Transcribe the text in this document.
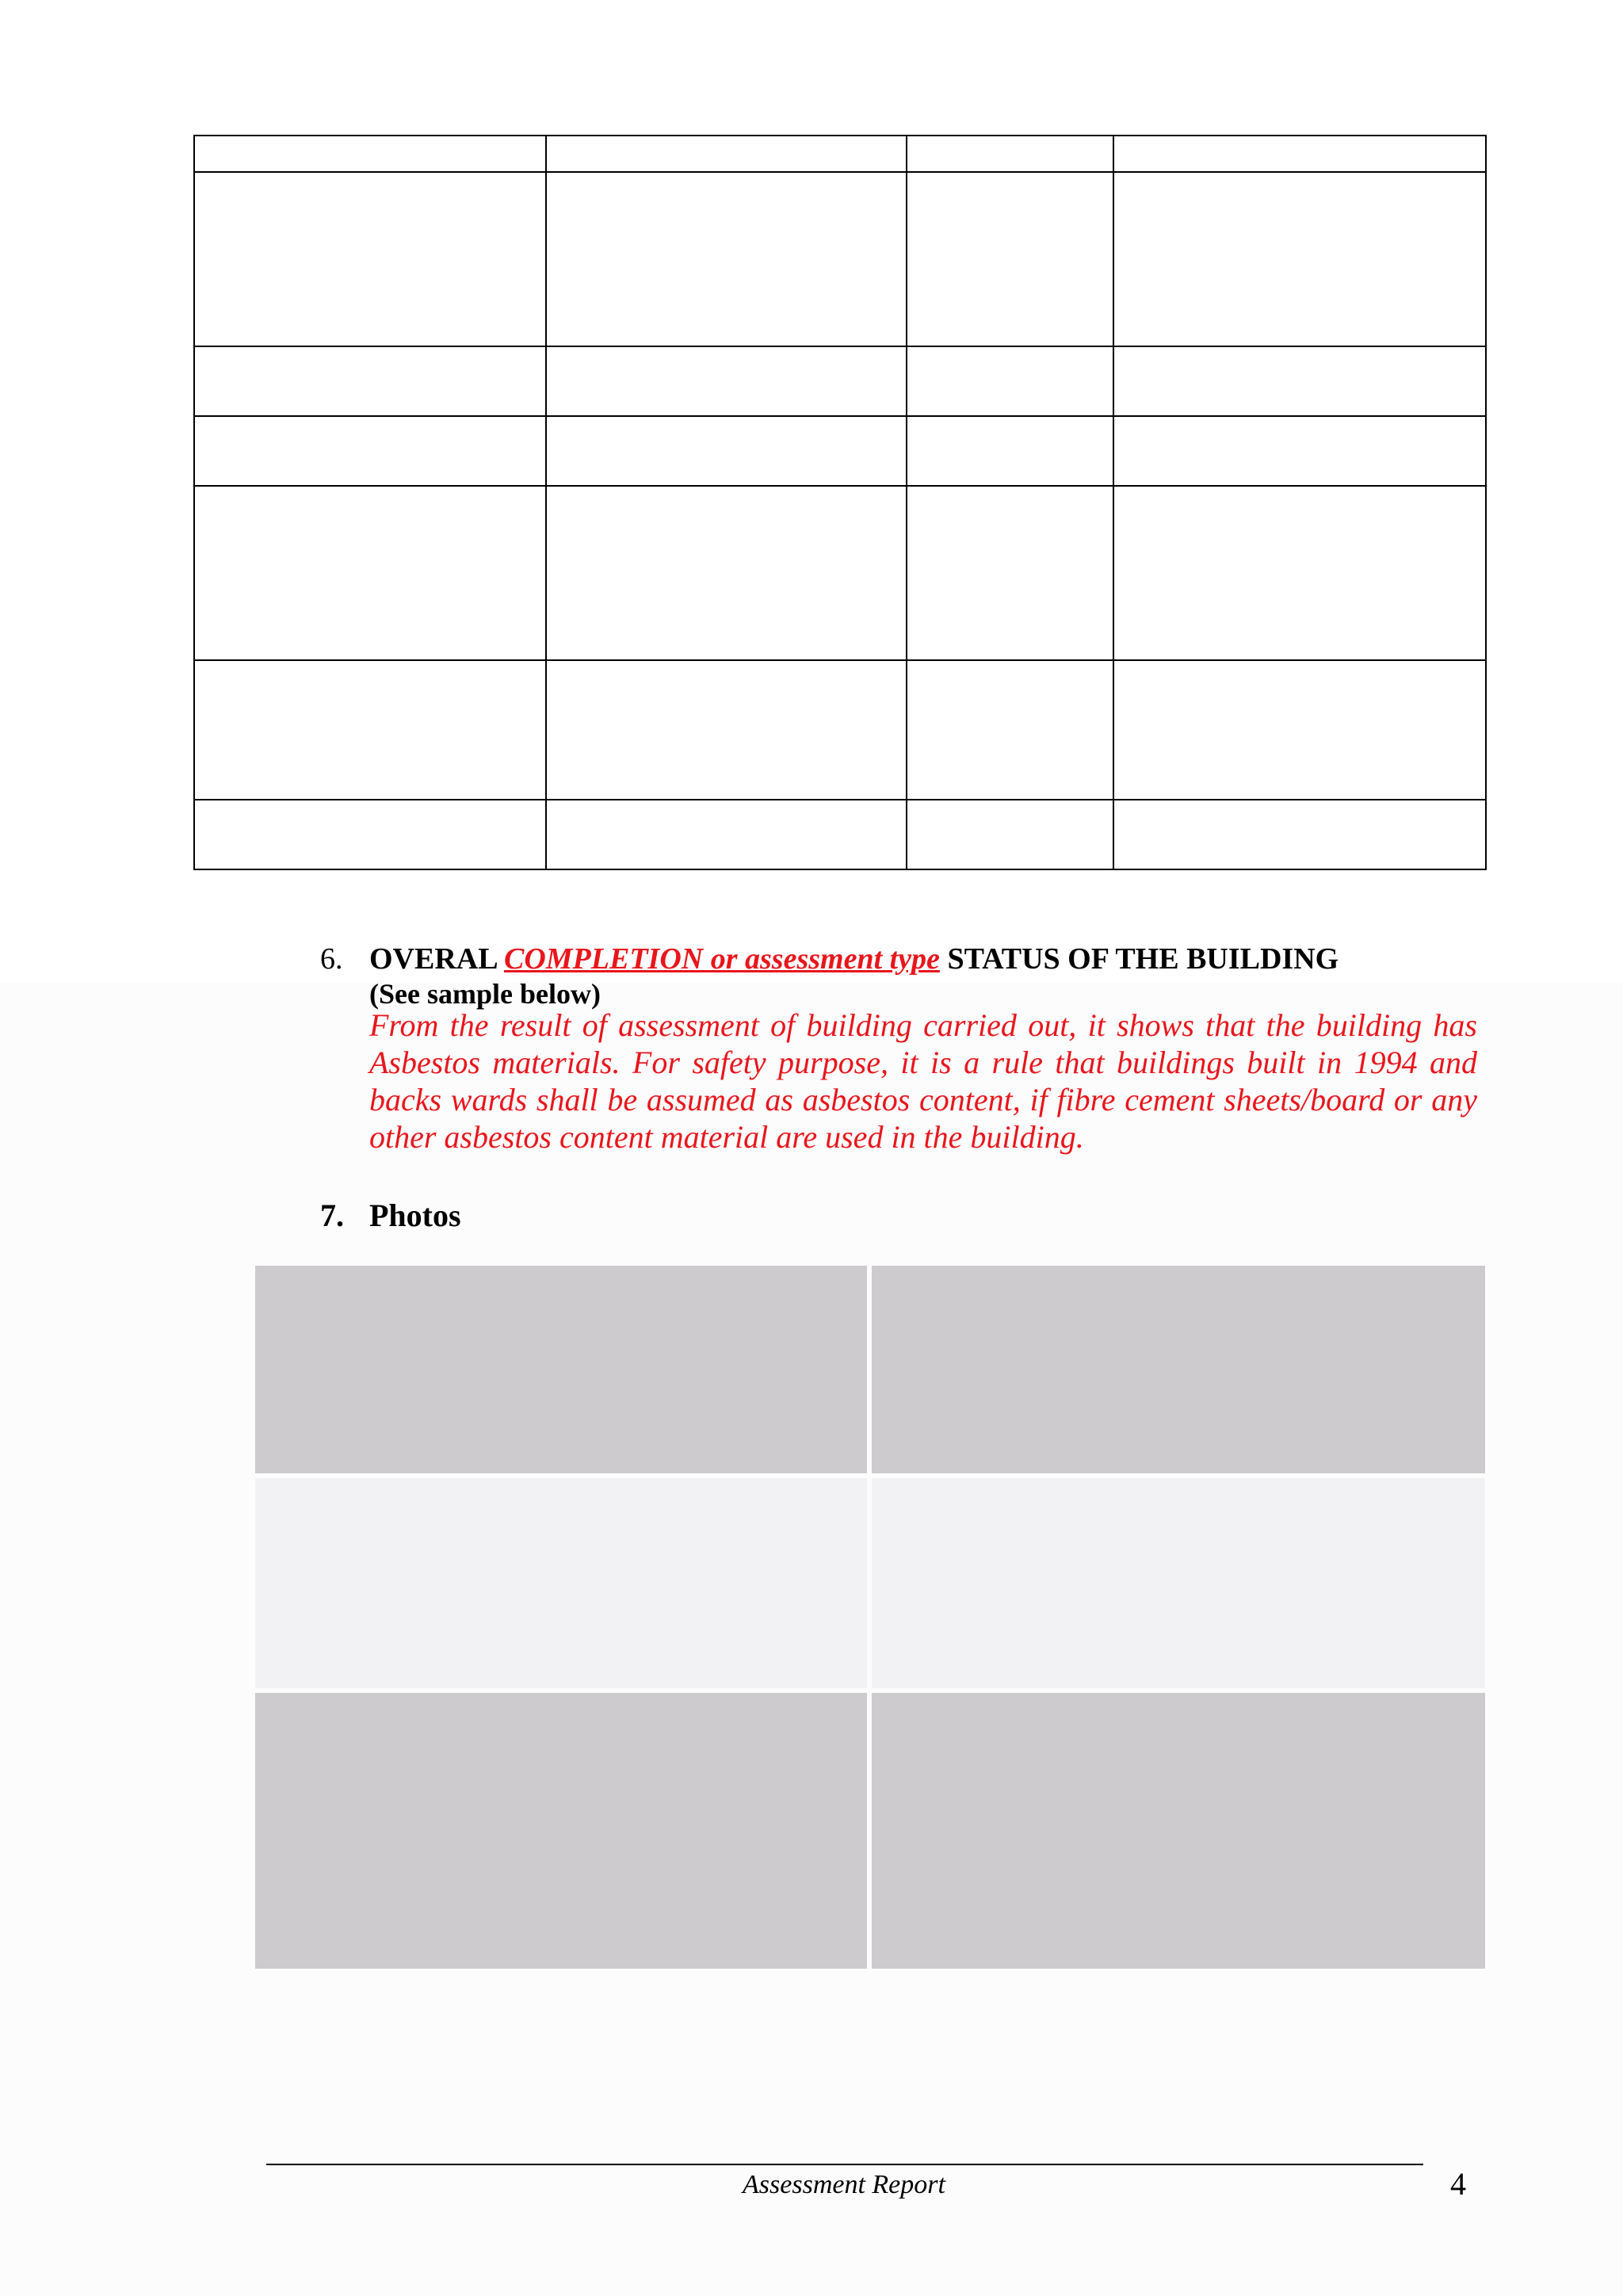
6. OVERAL COMPLETION or assessment type STATUS OF THE BUILDING
(See sample below)
From the result of assessment of building carried out, it shows that the building has Asbestos materials. For safety purpose, it is a rule that buildings built in 1994 and backs wards shall be assumed as asbestos content, if fibre cement sheets/board or any other asbestos content material are used in the building.
7. Photos
Assessment Report	4
